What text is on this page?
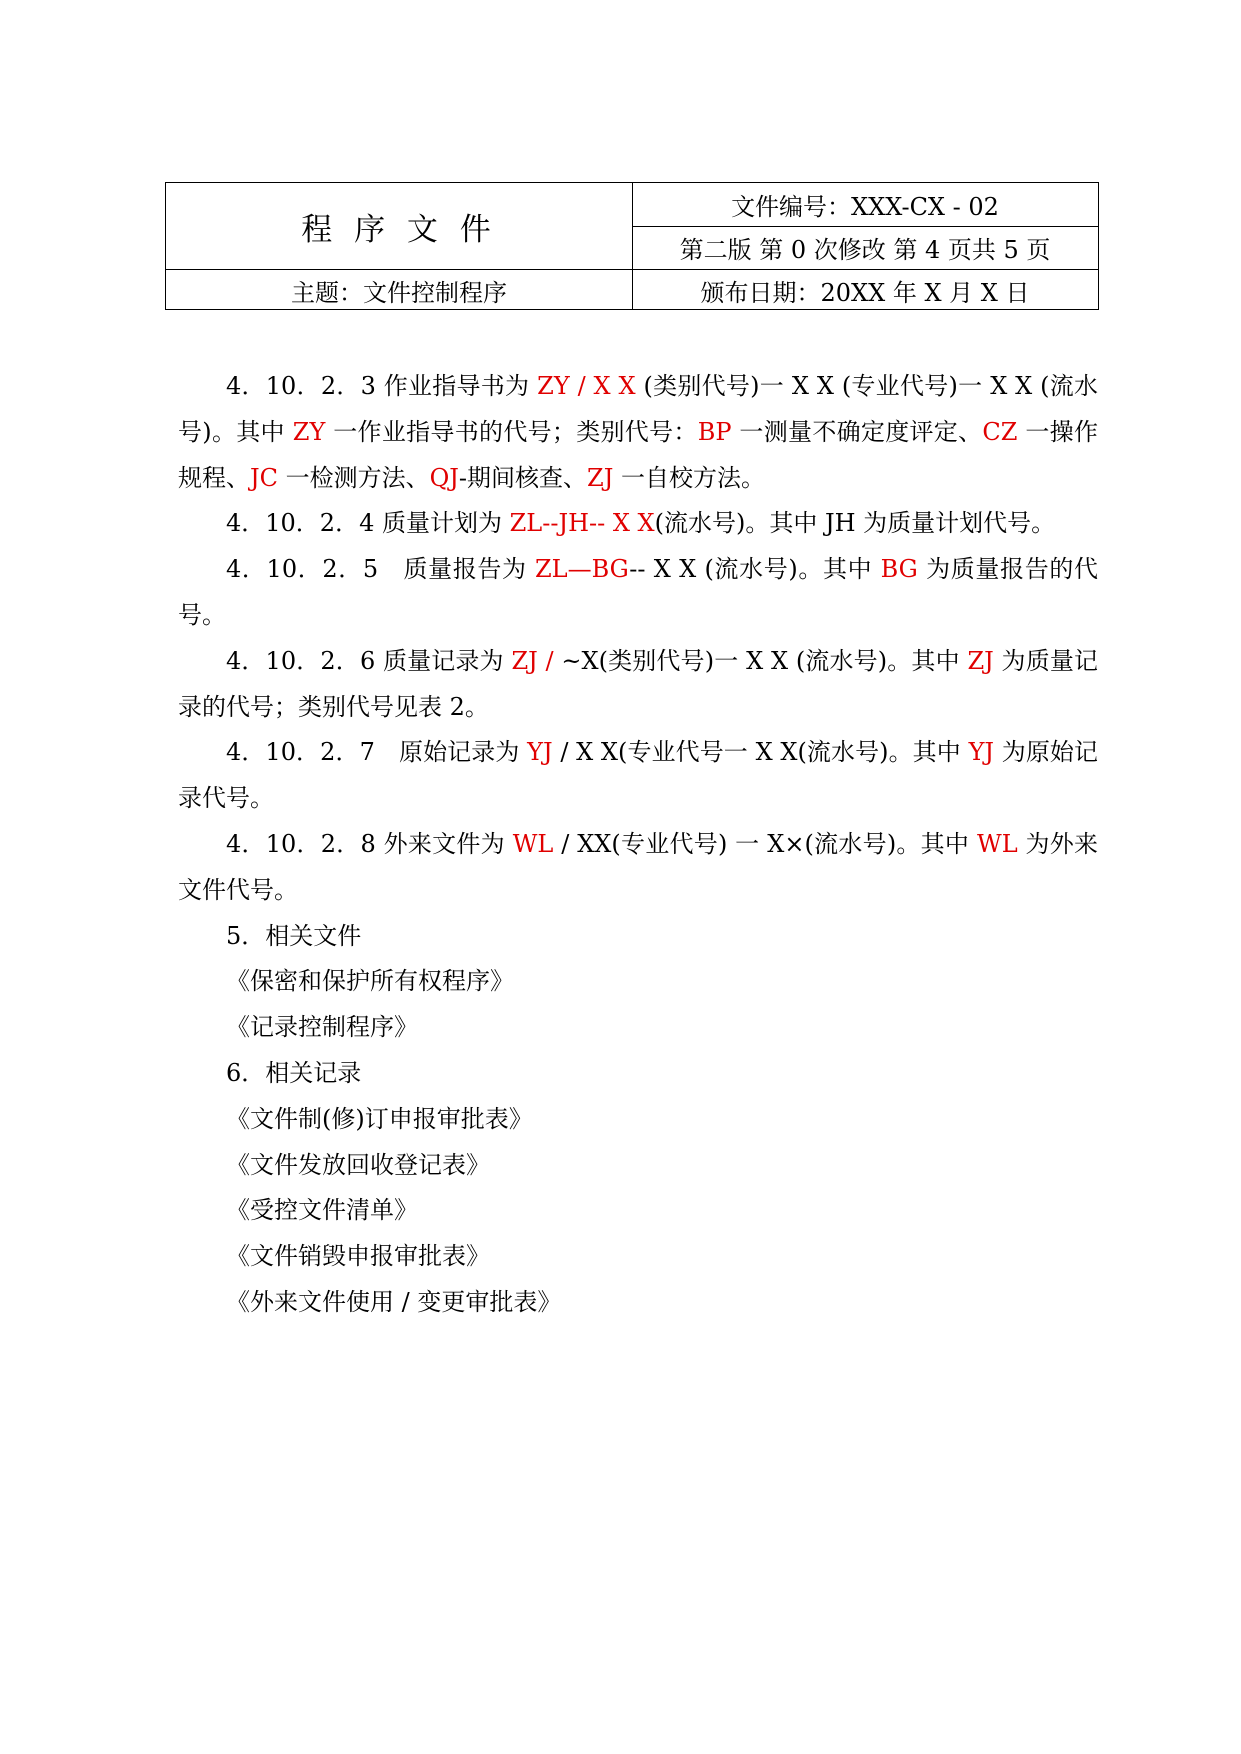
程 序 文 件
文件编号：XXX-CX - 02
第二版 第 0 次修改 第 4 页共 5 页
主题：文件控制程序	颁布日期：20XX 年 X 月 X 日

4．10．2．3 作业指导书为 ZY / X X (类别代号)一 X X (专业代号)一 X X (流水号)。其中 ZY 一作业指导书的代号；类别代号：BP 一测量不确定度评定、CZ 一操作规程、JC 一检测方法、QJ-期间核查、ZJ 一自校方法。

4．10．2．4 质量计划为 ZL--JH-- X X(流水号)。其中 JH 为质量计划代号。

4．10．2．5　质量报告为 ZL—BG-- X X (流水号)。其中 BG 为质量报告的代号。

4．10．2．6 质量记录为 ZJ / ~X(类别代号)一 X X (流水号)。其中 ZJ 为质量记录的代号；类别代号见表 2。

4．10．2．7　原始记录为 YJ / X X(专业代号一 X X(流水号)。其中 YJ 为原始记录代号。

4．10．2．8 外来文件为 WL / XX(专业代号) 一 X×(流水号)。其中 WL 为外来文件代号。

5．相关文件

《保密和保护所有权程序》

《记录控制程序》

6．相关记录

《文件制(修)订申报审批表》

《文件发放回收登记表》

《受控文件清单》

《文件销毁申报审批表》

《外来文件使用 / 变更审批表》
